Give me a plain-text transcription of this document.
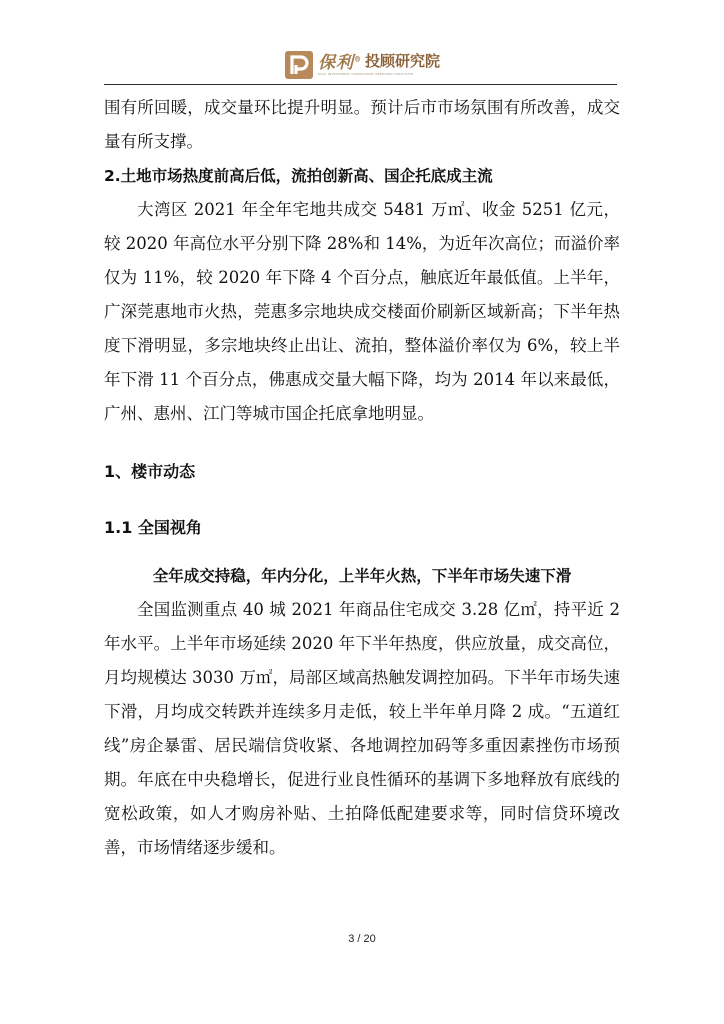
保利® 投顾研究院
POLY INVESTMENT CONSULTANT RESEARCH INSTITUTE

围有所回暖，成交量环比提升明显。预计后市市场氛围有所改善，成交量有所支撑。

2.土地市场热度前高后低，流拍创新高、国企托底成主流

大湾区 2021 年全年宅地共成交 5481 万㎡、收金 5251 亿元，较 2020 年高位水平分别下降 28%和 14%，为近年次高位；而溢价率仅为 11%，较 2020 年下降 4 个百分点，触底近年最低值。上半年，广深莞惠地市火热，莞惠多宗地块成交楼面价刷新区域新高；下半年热度下滑明显，多宗地块终止出让、流拍，整体溢价率仅为 6%，较上半年下滑 11 个百分点，佛惠成交量大幅下降，均为 2014 年以来最低，广州、惠州、江门等城市国企托底拿地明显。

1、楼市动态
1.1 全国视角
全年成交持稳，年内分化，上半年火热，下半年市场失速下滑

全国监测重点 40 城 2021 年商品住宅成交 3.28 亿㎡，持平近 2 年水平。上半年市场延续 2020 年下半年热度，供应放量，成交高位，月均规模达 3030 万㎡，局部区域高热触发调控加码。下半年市场失速下滑，月均成交转跌并连续多月走低，较上半年单月降 2 成。“五道红线”房企暴雷、居民端信贷收紧、各地调控加码等多重因素挫伤市场预期。年底在中央稳增长，促进行业良性循环的基调下多地释放有底线的宽松政策，如人才购房补贴、土拍降低配建要求等，同时信贷环境改善，市场情绪逐步缓和。

3 / 20
